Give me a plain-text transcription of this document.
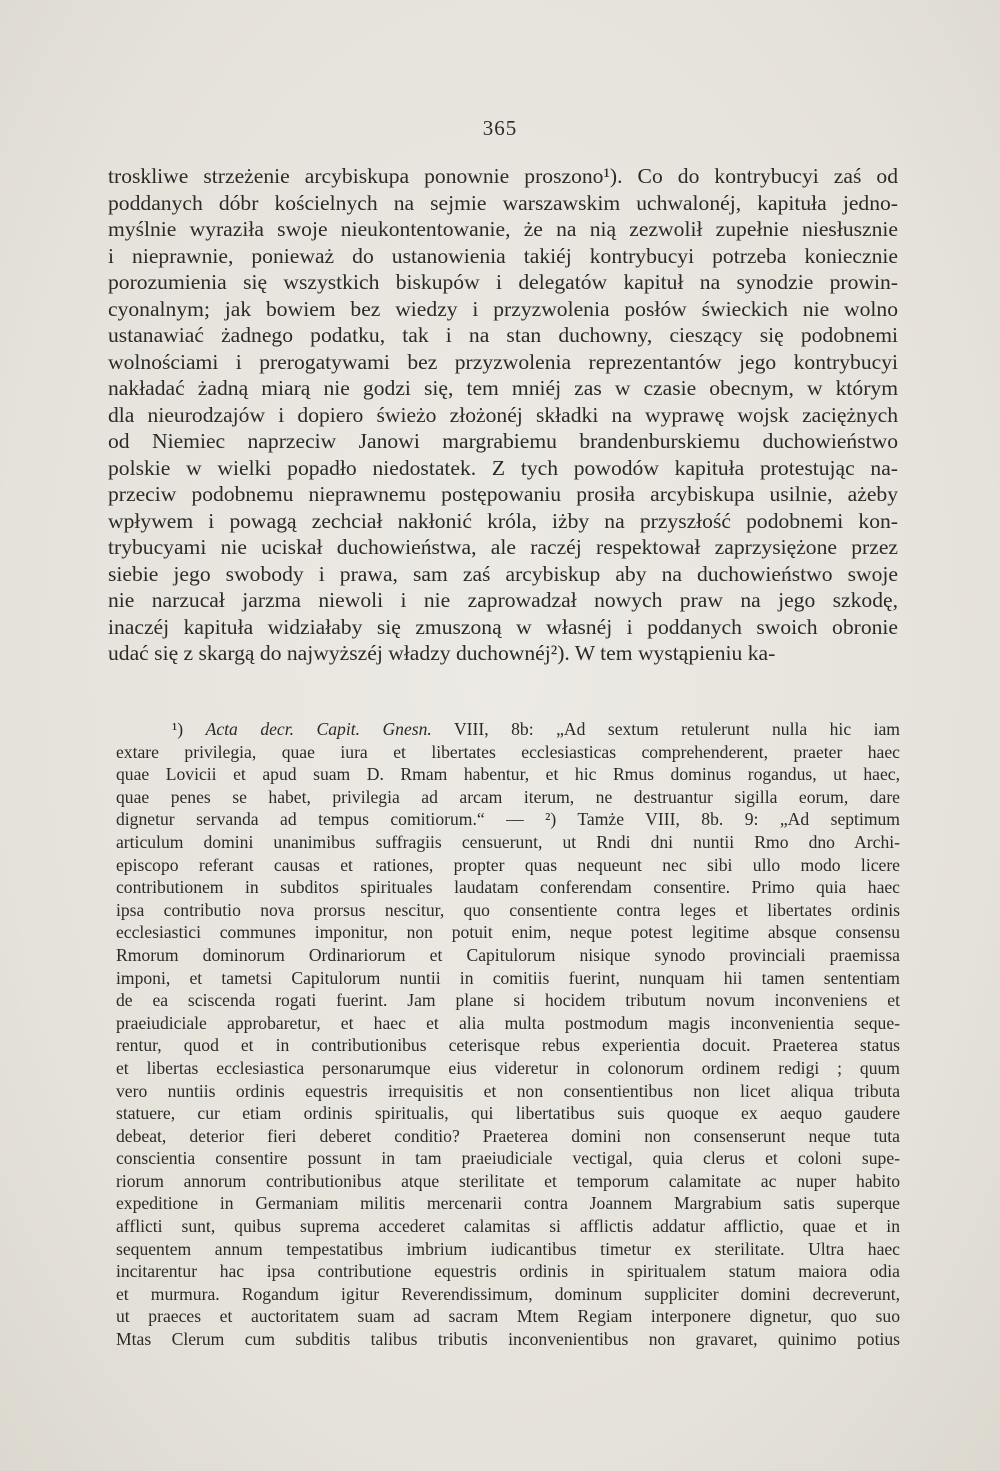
365
troskliwe strzeżenie arcybiskupa ponownie proszono¹). Co do kontrybucyi zaś od
poddanych dóbr kościelnych na sejmie warszawskim uchwalonéj, kapituła jedno-
myślnie wyraziła swoje nieukontentowanie, że na nią zezwolił zupełnie niesłusznie
i nieprawnie, ponieważ do ustanowienia takiéj kontrybucyi potrzeba koniecznie
porozumienia się wszystkich biskupów i delegatów kapituł na synodzie prowin-
cyonalnym; jak bowiem bez wiedzy i przyzwolenia posłów świeckich nie wolno
ustanawiać żadnego podatku, tak i na stan duchowny, cieszący się podobnemi
wolnościami i prerogatywami bez przyzwolenia reprezentantów jego kontrybucyi
nakładać żadną miarą nie godzi się, tem mniéj zas w czasie obecnym, w którym
dla nieurodzajów i dopiero świeżo złożonéj składki na wyprawę wojsk zaciężnych
od Niemiec naprzeciw Janowi margrabiemu brandenburskiemu duchowieństwo
polskie w wielki popadło niedostatek. Z tych powodów kapituła protestując na-
przeciw podobnemu nieprawnemu postępowaniu prosiła arcybiskupa usilnie, ażeby
wpływem i powagą zechciał nakłonić króla, iżby na przyszłość podobnemi kon-
trybucyami nie uciskał duchowieństwa, ale raczéj respektował zaprzysiężone przez
siebie jego swobody i prawa, sam zaś arcybiskup aby na duchowieństwo swoje
nie narzucał jarzma niewoli i nie zaprowadzał nowych praw na jego szkodę,
inaczéj kapituła widziałaby się zmuszoną w własnéj i poddanych swoich obronie
udać się z skargą do najwyższéj władzy duchownéj²). W tem wystąpieniu ka-
¹) Acta decr. Capit. Gnesn. VIII, 8b: „Ad sextum retulerunt nulla hic iam
extare privilegia, quae iura et libertates ecclesiasticas comprehenderent, praeter haec
quae Lovicii et apud suam D. Rmam habentur, et hic Rmus dominus rogandus, ut haec,
quae penes se habet, privilegia ad arcam iterum, ne destruantur sigilla eorum, dare
dignetur servanda ad tempus comitiorum.“ — ²) Tamże VIII, 8b. 9: „Ad septimum
articulum domini unanimibus suffragiis censuerunt, ut Rndi dni nuntii Rmo dno Archi-
episcopo referant causas et rationes, propter quas nequeunt nec sibi ullo modo licere
contributionem in subditos spirituales laudatam conferendam consentire. Primo quia haec
ipsa contributio nova prorsus nescitur, quo consentiente contra leges et libertates ordinis
ecclesiastici communes imponitur, non potuit enim, neque potest legitime absque consensu
Rmorum dominorum Ordinariorum et Capitulorum nisique synodo provinciali praemissa
imponi, et tametsi Capitulorum nuntii in comitiis fuerint, nunquam hii tamen sententiam
de ea sciscenda rogati fuerint. Jam plane si hocidem tributum novum inconveniens et
praeiudiciale approbaretur, et haec et alia multa postmodum magis inconvenientia seque-
rentur, quod et in contributionibus ceterisque rebus experientia docuit. Praeterea status
et libertas ecclesiastica personarumque eius videretur in colonorum ordinem redigi ; quum
vero nuntiis ordinis equestris irrequisitis et non consentientibus non licet aliqua tributa
statuere, cur etiam ordinis spiritualis, qui libertatibus suis quoque ex aequo gaudere
debeat, deterior fieri deberet conditio? Praeterea domini non consenserunt neque tuta
conscientia consentire possunt in tam praeiudiciale vectigal, quia clerus et coloni supe-
riorum annorum contributionibus atque sterilitate et temporum calamitate ac nuper habito
expeditione in Germaniam militis mercenarii contra Joannem Margrabium satis superque
afflicti sunt, quibus suprema accederet calamitas si afflictis addatur afflictio, quae et in
sequentem annum tempestatibus imbrium iudicantibus timetur ex sterilitate. Ultra haec
incitarentur hac ipsa contributione equestris ordinis in spiritualem statum maiora odia
et murmura. Rogandum igitur Reverendissimum, dominum suppliciter domini decreverunt,
ut praeces et auctoritatem suam ad sacram Mtem Regiam interponere dignetur, quo suo
Mtas Clerum cum subditis talibus tributis inconvenientibus non gravaret, quinimo potius
